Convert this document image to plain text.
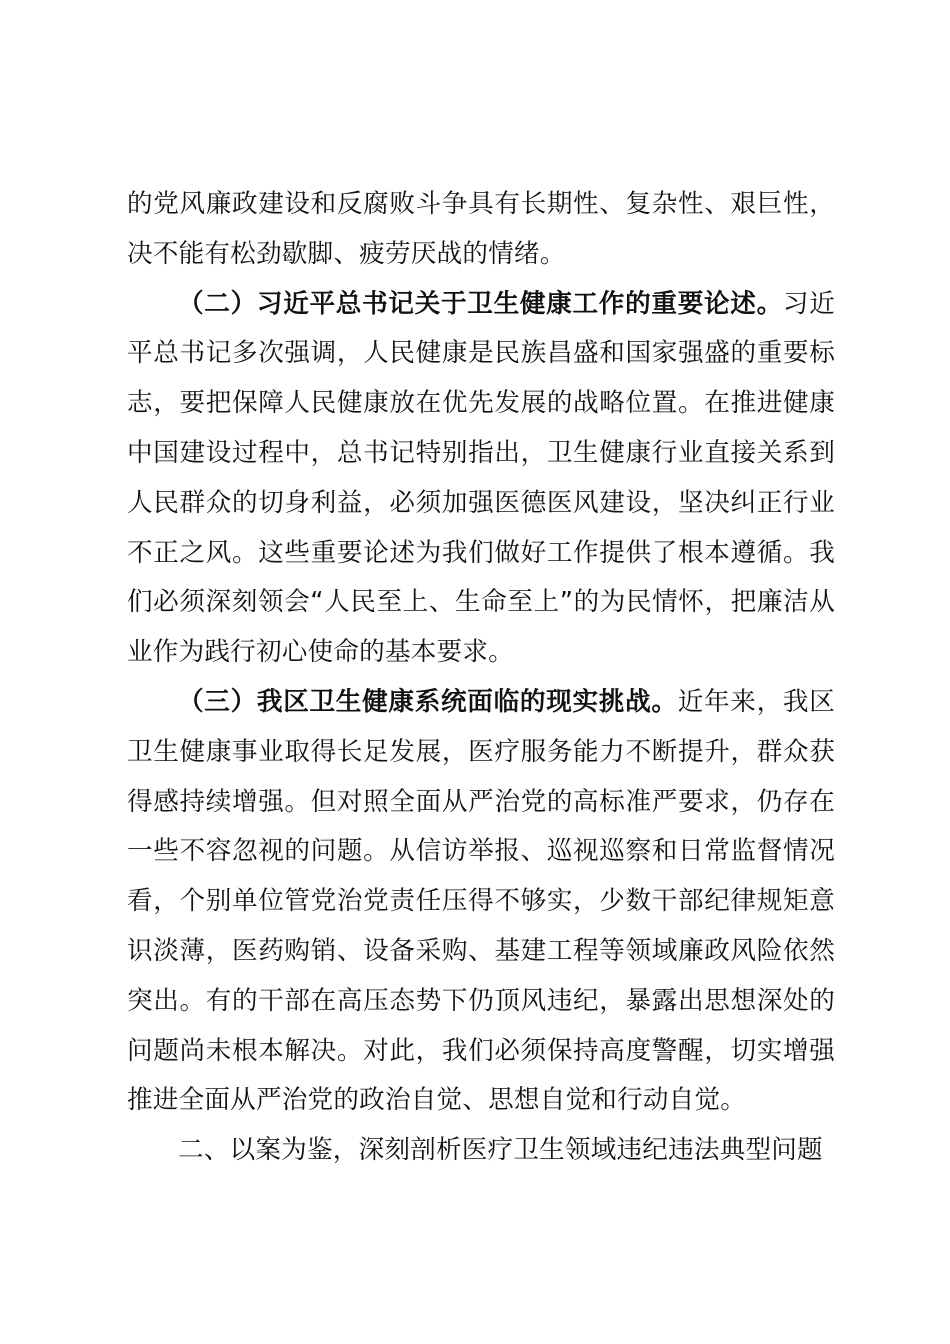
的党风廉政建设和反腐败斗争具有长期性、复杂性、艰巨性，决不能有松劲歇脚、疲劳厌战的情绪。

（二）习近平总书记关于卫生健康工作的重要论述。习近平总书记多次强调，人民健康是民族昌盛和国家强盛的重要标志，要把保障人民健康放在优先发展的战略位置。在推进健康中国建设过程中，总书记特别指出，卫生健康行业直接关系到人民群众的切身利益，必须加强医德医风建设，坚决纠正行业不正之风。这些重要论述为我们做好工作提供了根本遵循。我们必须深刻领会“人民至上、生命至上”的为民情怀，把廉洁从业作为践行初心使命的基本要求。

（三）我区卫生健康系统面临的现实挑战。近年来，我区卫生健康事业取得长足发展，医疗服务能力不断提升，群众获得感持续增强。但对照全面从严治党的高标准严要求，仍存在一些不容忽视的问题。从信访举报、巡视巡察和日常监督情况看，个别单位管党治党责任压得不够实，少数干部纪律规矩意识淡薄，医药购销、设备采购、基建工程等领域廉政风险依然突出。有的干部在高压态势下仍顶风违纪，暴露出思想深处的问题尚未根本解决。对此，我们必须保持高度警醒，切实增强推进全面从严治党的政治自觉、思想自觉和行动自觉。

二、以案为鉴，深刻剖析医疗卫生领域违纪违法典型问题
